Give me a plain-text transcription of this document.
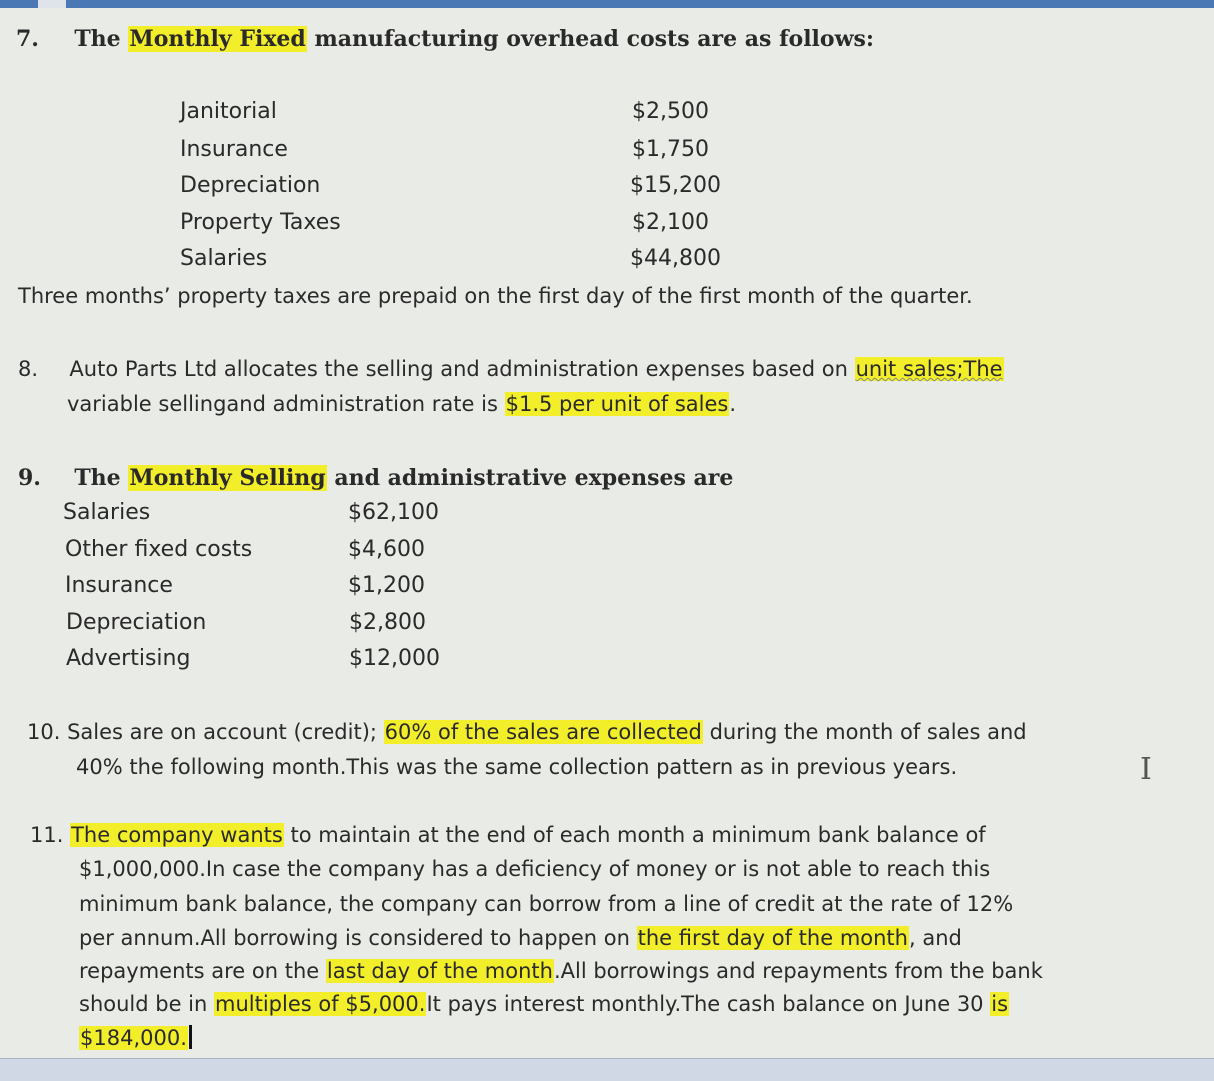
7. The Monthly Fixed manufacturing overhead costs are as follows:
Janitorial	$2,500
Insurance	$1,750
Depreciation	$15,200
Property Taxes	$2,100
Salaries	$44,800
Three months’ property taxes are prepaid on the first day of the first month of the quarter.
8. Auto Parts Ltd allocates the selling and administration expenses based on unit sales;The
variable sellingand administration rate is $1.5 per unit of sales.
9. The Monthly Selling and administrative expenses are
Salaries	$62,100
Other fixed costs	$4,600
Insurance	$1,200
Depreciation	$2,800
Advertising	$12,000
10. Sales are on account (credit); 60% of the sales are collected during the month of sales and
40% the following month.This was the same collection pattern as in previous years.	I
11. The company wants to maintain at the end of each month a minimum bank balance of
$1,000,000.In case the company has a deficiency of money or is not able to reach this
minimum bank balance, the company can borrow from a line of credit at the rate of 12%
per annum.All borrowing is considered to happen on the first day of the month, and
repayments are on the last day of the month.All borrowings and repayments from the bank
should be in multiples of $5,000.It pays interest monthly.The cash balance on June 30 is
$184,000.
